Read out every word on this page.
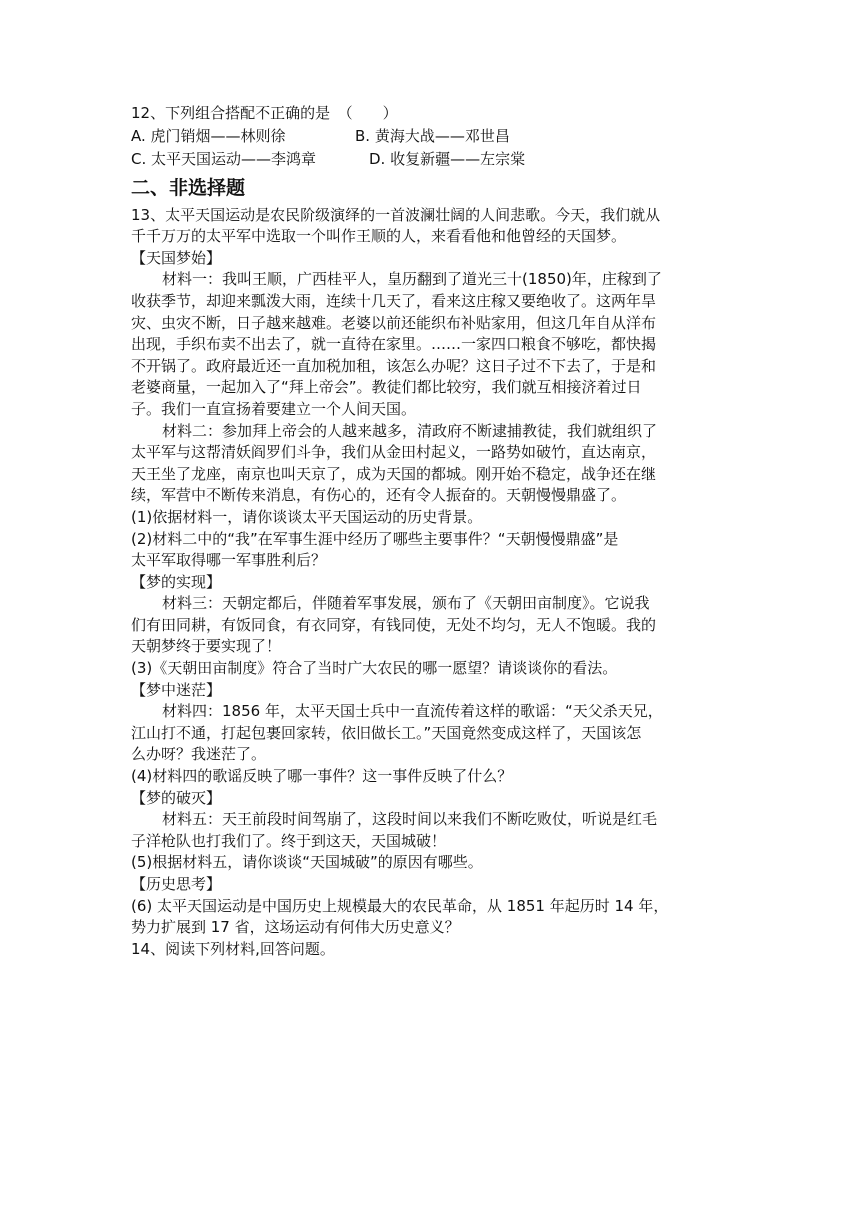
12、下列组合搭配不正确的是　（　　）
A. 虎门销烟——林则徐	B. 黄海大战——邓世昌
C. 太平天国运动——李鸿章	D. 收复新疆——左宗棠
二、非选择题
13、太平天国运动是农民阶级演绎的一首波澜壮阔的人间悲歌。今天，我们就从
千千万万的太平军中选取一个叫作王顺的人，来看看他和他曾经的天国梦。
【天国梦始】
材料一：我叫王顺，广西桂平人，皇历翻到了道光三十(1850)年，庄稼到了
收获季节，却迎来瓢泼大雨，连续十几天了，看来这庄稼又要绝收了。这两年旱
灾、虫灾不断，日子越来越难。老婆以前还能织布补贴家用，但这几年自从洋布
出现，手织布卖不出去了，就一直待在家里。……一家四口粮食不够吃，都快揭
不开锅了。政府最近还一直加税加租，该怎么办呢？这日子过不下去了，于是和
老婆商量，一起加入了“拜上帝会”。教徒们都比较穷，我们就互相接济着过日
子。我们一直宣扬着要建立一个人间天国。
材料二：参加拜上帝会的人越来越多，清政府不断逮捕教徒，我们就组织了
太平军与这帮清妖阎罗们斗争，我们从金田村起义，一路势如破竹，直达南京，
天王坐了龙座，南京也叫天京了，成为天国的都城。刚开始不稳定，战争还在继
续，军营中不断传来消息，有伤心的，还有令人振奋的。天朝慢慢鼎盛了。
(1)依据材料一，请你谈谈太平天国运动的历史背景。
(2)材料二中的“我”在军事生涯中经历了哪些主要事件？“天朝慢慢鼎盛”是
太平军取得哪一军事胜利后？
【梦的实现】
材料三：天朝定都后，伴随着军事发展，颁布了《天朝田亩制度》。它说我
们有田同耕，有饭同食，有衣同穿，有钱同使，无处不均匀，无人不饱暖。我的
天朝梦终于要实现了！
(3)《天朝田亩制度》符合了当时广大农民的哪一愿望？请谈谈你的看法。
【梦中迷茫】
材料四：1856 年，太平天国士兵中一直流传着这样的歌谣：“天父杀天兄，
江山打不通，打起包裹回家转，依旧做长工。”天国竟然变成这样了，天国该怎
么办呀？我迷茫了。
(4)材料四的歌谣反映了哪一事件？这一事件反映了什么？
【梦的破灭】
材料五：天王前段时间驾崩了，这段时间以来我们不断吃败仗，听说是红毛
子洋枪队也打我们了。终于到这天，天国城破！
(5)根据材料五，请你谈谈“天国城破”的原因有哪些。
【历史思考】
(6) 太平天国运动是中国历史上规模最大的农民革命，从 1851 年起历时 14 年，
势力扩展到 17 省，这场运动有何伟大历史意义？
14、阅读下列材料,回答问题。
